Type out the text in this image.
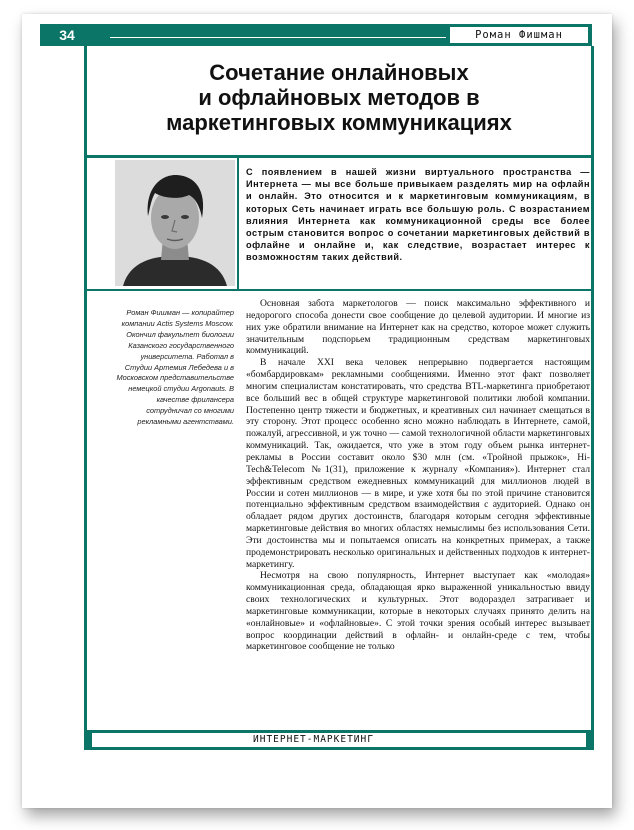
34	Роман Фишман
Сочетание онлайновых
и офлайновых методов в
маркетинговых коммуникациях
С появлением в нашей жизни виртуального пространства — Интернета — мы все больше привыкаем разделять мир на офлайн и онлайн. Это относится и к маркетинговым коммуникациям, в которых Сеть начинает играть все большую роль. С возрастанием влияния Интернета как коммуникационной среды все более острым становится вопрос о сочетании маркетинговых действий в офлайне и онлайне и, как следствие, возрастает интерес к возможностям таких действий.
Роман Фишман — копирайтер компании Actis Systems Moscow. Окончил факультет биологии Казанского государственного университета. Работал в Студии Артемия Лебедева и в Московском представительстве немецкой студии Argonauts. В качестве фрилансера сотрудничал со многими рекламными агентствами.

Основная забота маркетологов — поиск максимально эффективного и недорогого способа донести свое сообщение до целевой аудитории. И многие из них уже обратили внимание на Интернет как на средство, которое может служить значительным подспорьем традиционным средствам маркетинговых коммуникаций.

В начале XXI века человек непрерывно подвергается настоящим «бомбардировкам» рекламными сообщениями. Именно этот факт позволяет многим специалистам констатировать, что средства BTL-маркетинга приобретают все больший вес в общей структуре маркетинговой политики любой компании. Постепенно центр тяжести и бюджетных, и креативных сил начинает смещаться в эту сторону. Этот процесс особенно ясно можно наблюдать в Интернете, самой, пожалуй, агрессивной, и уж точно — самой технологичной области маркетинговых коммуникаций. Так, ожидается, что уже в этом году объем рынка интернет-рекламы в России составит около $30 млн (см. «Тройной прыжок», Hi-Tech&Telecom №1(31), приложение к журналу «Компания»). Интернет стал эффективным средством ежедневных коммуникаций для миллионов людей в России и сотен миллионов — в мире, и уже хотя бы по этой причине становится потенциально эффективным средством взаимодействия с аудиторией. Однако он обладает рядом других достоинств, благодаря которым сегодня эффективные маркетинговые действия во многих областях немыслимы без использования Сети. Эти достоинства мы и попытаемся описать на конкретных примерах, а также продемонстрировать несколько оригинальных и действенных подходов к интернет-маркетингу.

Несмотря на свою популярность, Интернет выступает как «молодая» коммуникационная среда, обладающая ярко выраженной уникальностью ввиду своих технологических и культурных. Этот водораздел затрагивает и маркетинговые коммуникации, которые в некоторых случаях принято делить на «онлайновые» и «офлайновые». С этой точки зрения особый интерес вызывает вопрос координации действий в офлайн- и онлайн-среде с тем, чтобы маркетинговое сообщение не только

ИНТЕРНЕТ-МАРКЕТИНГ
